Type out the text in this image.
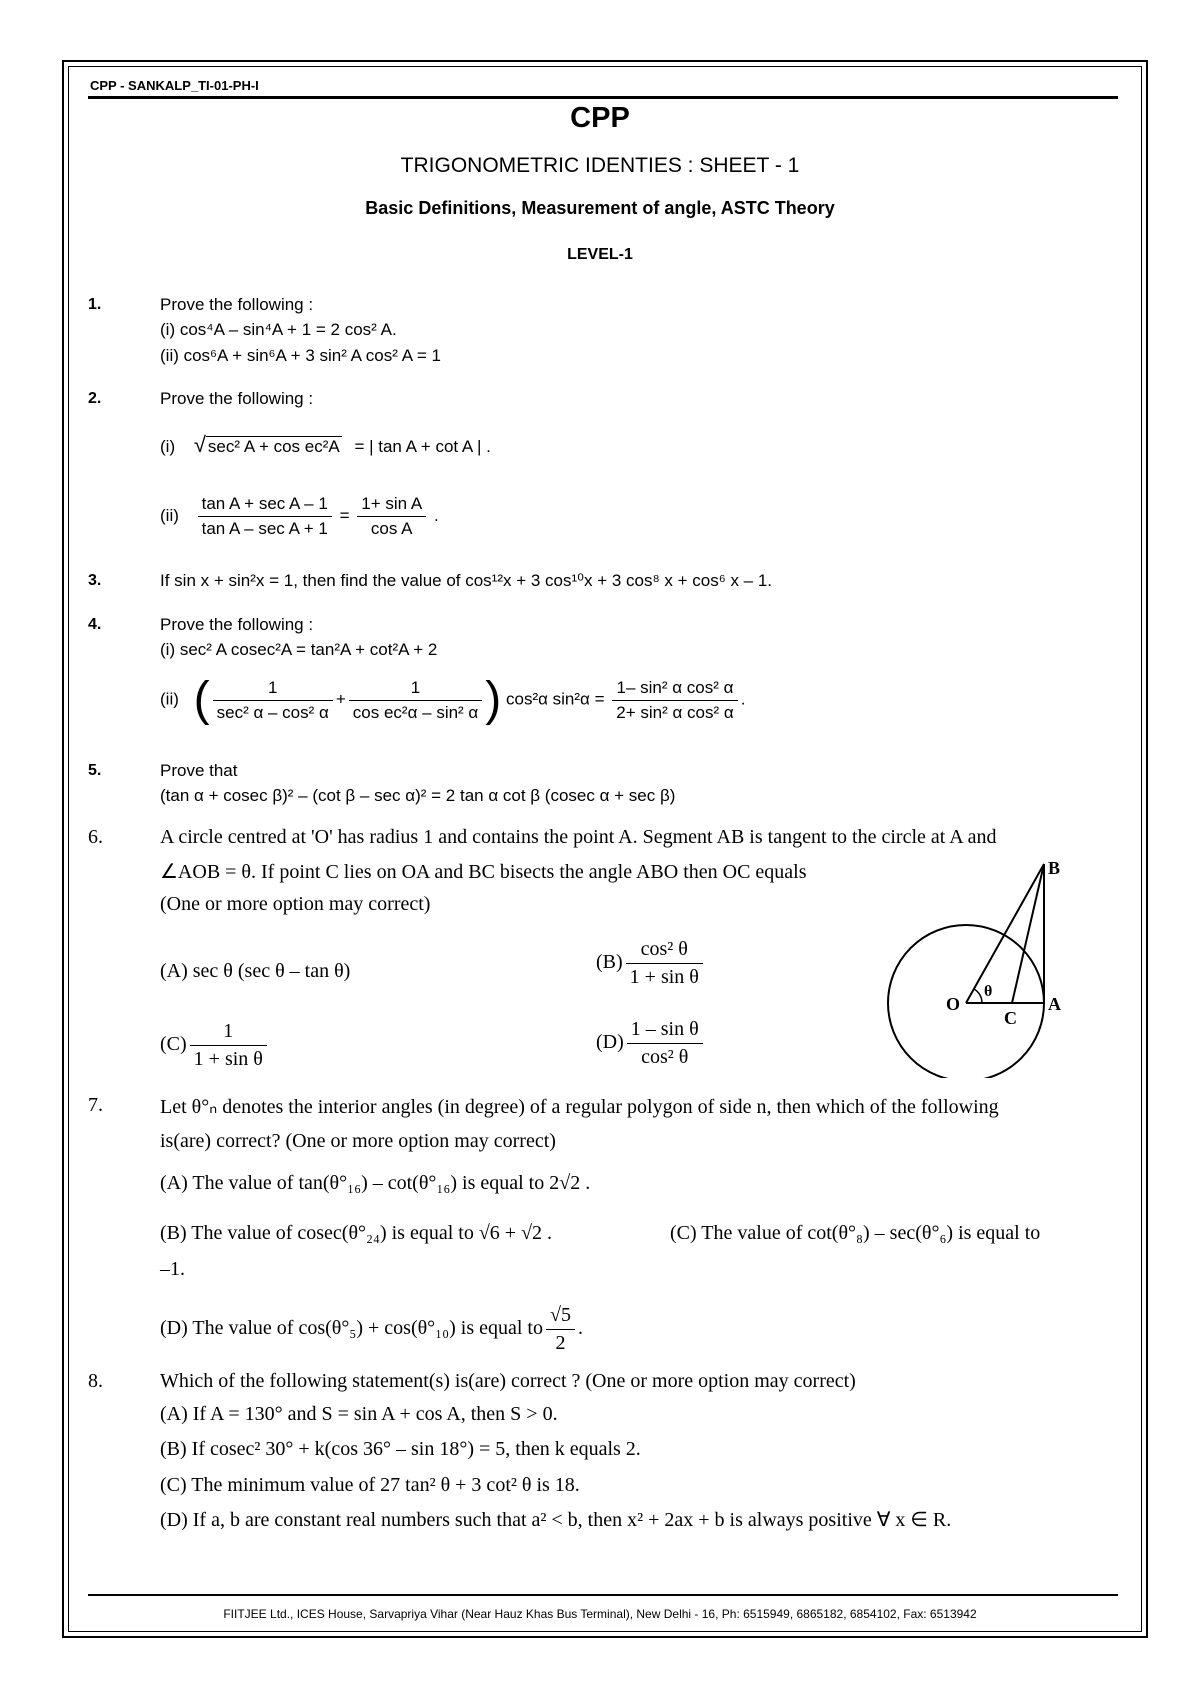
CPP - SANKALP_TI-01-PH-I
CPP
TRIGONOMETRIC IDENTIES : SHEET - 1
Basic Definitions, Measurement of angle, ASTC Theory
LEVEL-1
1.	Prove the following :
(i) cos⁴A – sin⁴A + 1 = 2 cos² A.
(ii) cos⁶A + sin⁶A + 3 sin² A cos² A = 1
2.	Prove the following :
(i) √ sec² A + cos ec²A = | tan A + cot A | .
$(ii) \frac{\text{tan A + sec A – 1}}{\text{tan A – sec A + 1}} = \frac{\text{1+ sin A}}{\text{cos A}}$ .
3.	If sin x + sin²x = 1, then find the value of cos¹²x + 3 cos¹⁰x + 3 cos⁸ x + cos⁶ x – 1.
4.	Prove the following :
(i) sec² A cosec²A = tan²A + cot²A + 2
(ii) ( $\frac{1}{\text{sec² α – cos² α}} + \frac{1}{\text{cos ec²α – sin² α}}$ ) cos²α $\sin^2\alpha = \frac{\text{1– sin² α cos² α}}{\text{2+ sin² α cos² α}}$ .
5.	Prove that
(tan α + cosec β)² – (cot β – sec α)² = 2 tan α cot β (cosec α + sec β)
6.	A circle centred at 'O' has radius 1 and contains the point A. Segment AB is tangent to the circle at A and
∠AOB = θ. If point C lies on OA and BC bisects the angle ABO then OC equals
(One or more option may correct)
(A) sec θ (sec θ – tan θ)	$(B) \frac{\text{cos² θ}}{\text{1 + sin θ}}$
$(C) \frac{1}{\text{1 + sin θ}}$	$(D) \frac{\text{1 – sin θ}}{\text{cos² θ}}$
O	A
B
C
θ
7.	Let θ°ₙ denotes the interior angles (in degree) of a regular polygon of side n, then which of the following
is(are) correct? (One or more option may correct)
(A) The value of tan(θ°₁₆) – cot(θ°₁₆) is equal to 2√2 .
(B) The value of cosec(θ°₂₄) is equal to √6 + √2 .	(C) The value of cot(θ°₈) – sec(θ°₆) is equal to
–1.
(D) The value of cos(θ°₅) + cos(θ°₁₀) is equal to $\frac{√5}{2}$ .
8.	Which of the following statement(s) is(are) correct ? (One or more option may correct)
(A) If A = 130° and S = sin A + cos A, then S > 0.
(B) If cosec² 30° + k(cos 36° – sin 18°) = 5, then k equals 2.
(C) The minimum value of 27 tan² θ + 3 cot² θ is 18.
(D) If a, b are constant real numbers such that a² < b, then x² + 2ax + b is always positive ∀ x ∈ R.
FIITJEE Ltd., ICES House, Sarvapriya Vihar (Near Hauz Khas Bus Terminal), New Delhi - 16, Ph: 6515949, 6865182, 6854102, Fax: 6513942
